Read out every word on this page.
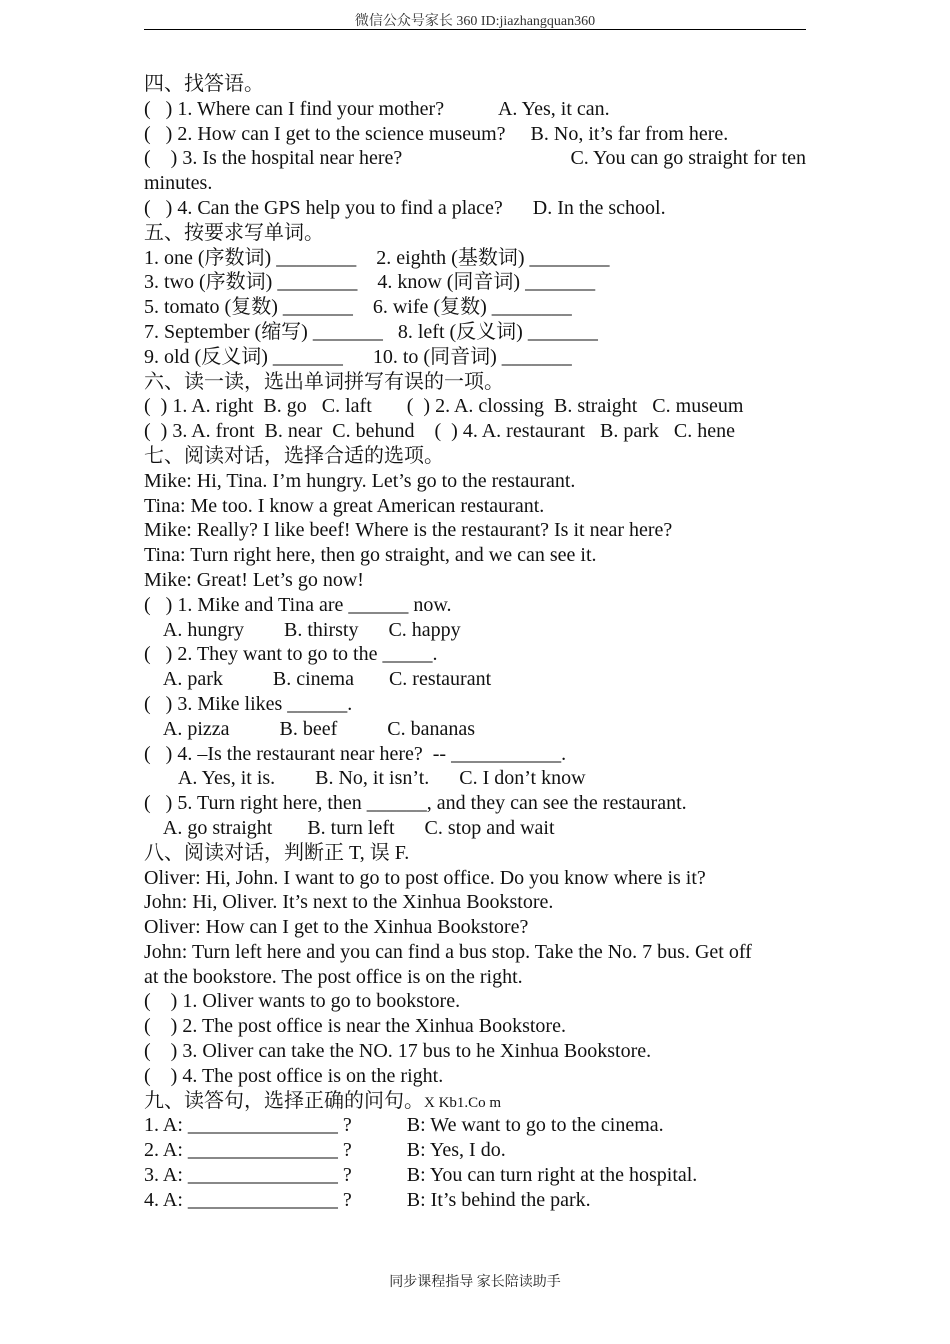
微信公众号家长 360 ID:jiazhangquan360
四、找答语。
(   ) 1. Where can I find your mother?           A. Yes, it can.
(   ) 2. How can I get to the science museum?     B. No, it’s far from here.
(    ) 3. Is the hospital near here?	C. You can go straight for ten
minutes.
(   ) 4. Can the GPS help you to find a place?      D. In the school.
五、按要求写单词。
1. one (序数词) ________    2. eighth (基数词) ________
3. two (序数词) ________    4. know (同音词) _______
5. tomato (复数) _______    6. wife (复数) ________
7. September (缩写) _______   8. left (反义词) _______
9. old (反义词) _______      10. to (同音词) _______
六、读一读，选出单词拼写有误的一项。
(  ) 1. A. right  B. go   C. laft       (  ) 2. A. clossing  B. straight   C. museum
(  ) 3. A. front  B. near  C. behund    (  ) 4. A. restaurant   B. park   C. hene
七、阅读对话，选择合适的选项。
Mike: Hi, Tina. I’m hungry. Let’s go to the restaurant.
Tina: Me too. I know a great American restaurant.
Mike: Really? I like beef! Where is the restaurant? Is it near here?
Tina: Turn right here, then go straight, and we can see it.
Mike: Great! Let’s go now!
(   ) 1. Mike and Tina are ______ now.
A. hungry        B. thirsty      C. happy
(   ) 2. They want to go to the _____.
A. park          B. cinema       C. restaurant
(   ) 3. Mike likes ______.
A. pizza          B. beef          C. bananas
(   ) 4. –Is the restaurant near here?  -- ___________.
A. Yes, it is.        B. No, it isn’t.      C. I don’t know
(   ) 5. Turn right here, then ______, and they can see the restaurant.
A. go straight       B. turn left      C. stop and wait
八、阅读对话，判断正 T, 误 F.
Oliver: Hi, John. I want to go to post office. Do you know where is it?
John: Hi, Oliver. It’s next to the Xinhua Bookstore.
Oliver: How can I get to the Xinhua Bookstore?
John: Turn left here and you can find a bus stop. Take the No. 7 bus. Get off
at the bookstore. The post office is on the right.
(    ) 1. Oliver wants to go to bookstore.
(    ) 2. The post office is near the Xinhua Bookstore.
(    ) 3. Oliver can take the NO. 17 bus to he Xinhua Bookstore.
(    ) 4. The post office is on the right.
九、读答句，选择正确的问句。X Kb1.Co m
1. A: _______________ ?           B: We want to go to the cinema.
2. A: _______________ ?           B: Yes, I do.
3. A: _______________ ?           B: You can turn right at the hospital.
4. A: _______________ ?           B: It’s behind the park.
同步课程指导 家长陪读助手
